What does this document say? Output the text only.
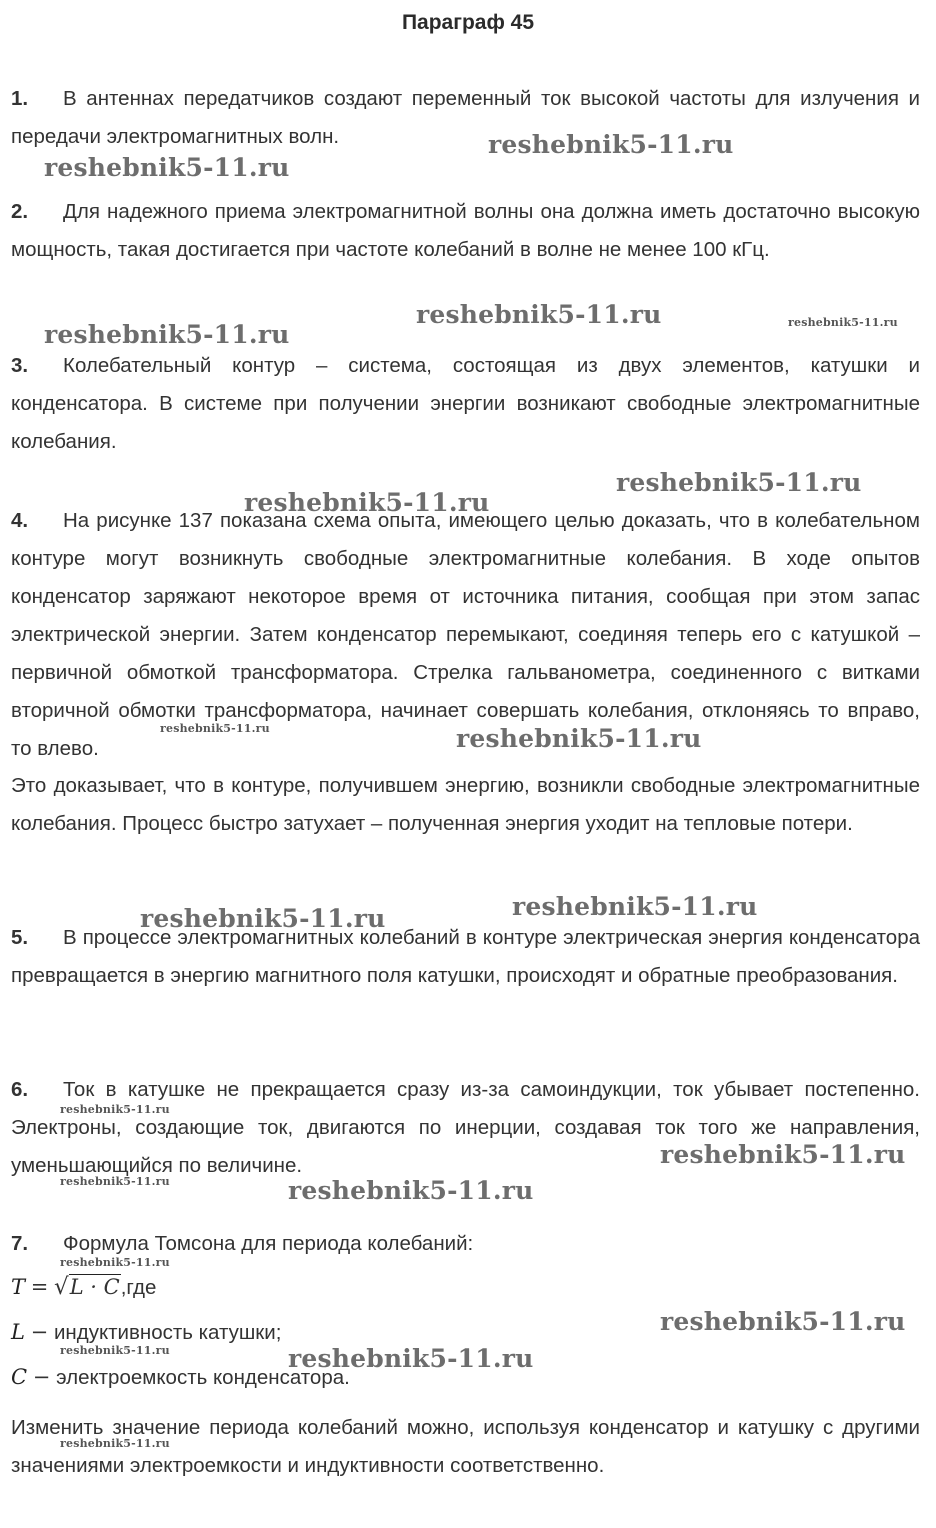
Параграф 45

1. В антеннах передатчиков создают переменный ток высокой частоты для излучения и передачи электромагнитных волн.

2. Для надежного приема электромагнитной волны она должна иметь достаточно высокую мощность, такая достигается при частоте колебаний в волне не менее 100 кГц.

3. Колебательный контур – система, состоящая из двух элементов, катушки и конденсатора. В системе при получении энергии возникают свободные электромагнитные колебания.

4. На рисунке 137 показана схема опыта, имеющего целью доказать, что в колебательном контуре могут возникнуть свободные электромагнитные колебания. В ходе опытов конденсатор заряжают некоторое время от источника питания, сообщая при этом запас электрической энергии. Затем конденсатор перемыкают, соединяя теперь его с катушкой – первичной обмоткой трансформатора. Стрелка гальванометра, соединенного с витками вторичной обмотки трансформатора, начинает совершать колебания, отклоняясь то вправо, то влево.

Это доказывает, что в контуре, получившем энергию, возникли свободные электромагнитные колебания. Процесс быстро затухает – полученная энергия уходит на тепловые потери.

5. В процессе электромагнитных колебаний в контуре электрическая энергия конденсатора превращается в энергию магнитного поля катушки, происходят и обратные преобразования.

6. Ток в катушке не прекращается сразу из-за самоиндукции, ток убывает постепенно. Электроны, создающие ток, двигаются по инерции, создавая ток того же направления, уменьшающийся по величине.

7. Формула Томсона для периода колебаний:

T = √L · C,где
L − индуктивность катушки;
C − электроемкость конденсатора.

Изменить значение периода колебаний можно, используя конденсатор и катушку с другими значениями электроемкости и индуктивности соответственно.

reshebnik5-11.ru
reshebnik5-11.ru
reshebnik5-11.ru	reshebnik5-11.ru
reshebnik5-11.ru
reshebnik5-11.ru
reshebnik5-11.ru
reshebnik5-11.ru	reshebnik5-11.ru
reshebnik5-11.ru
reshebnik5-11.ru
reshebnik5-11.ru
reshebnik5-11.ru
reshebnik5-11.ru	reshebnik5-11.ru
reshebnik5-11.ru
reshebnik5-11.ru
reshebnik5-11.ru	reshebnik5-11.ru
reshebnik5-11.ru
